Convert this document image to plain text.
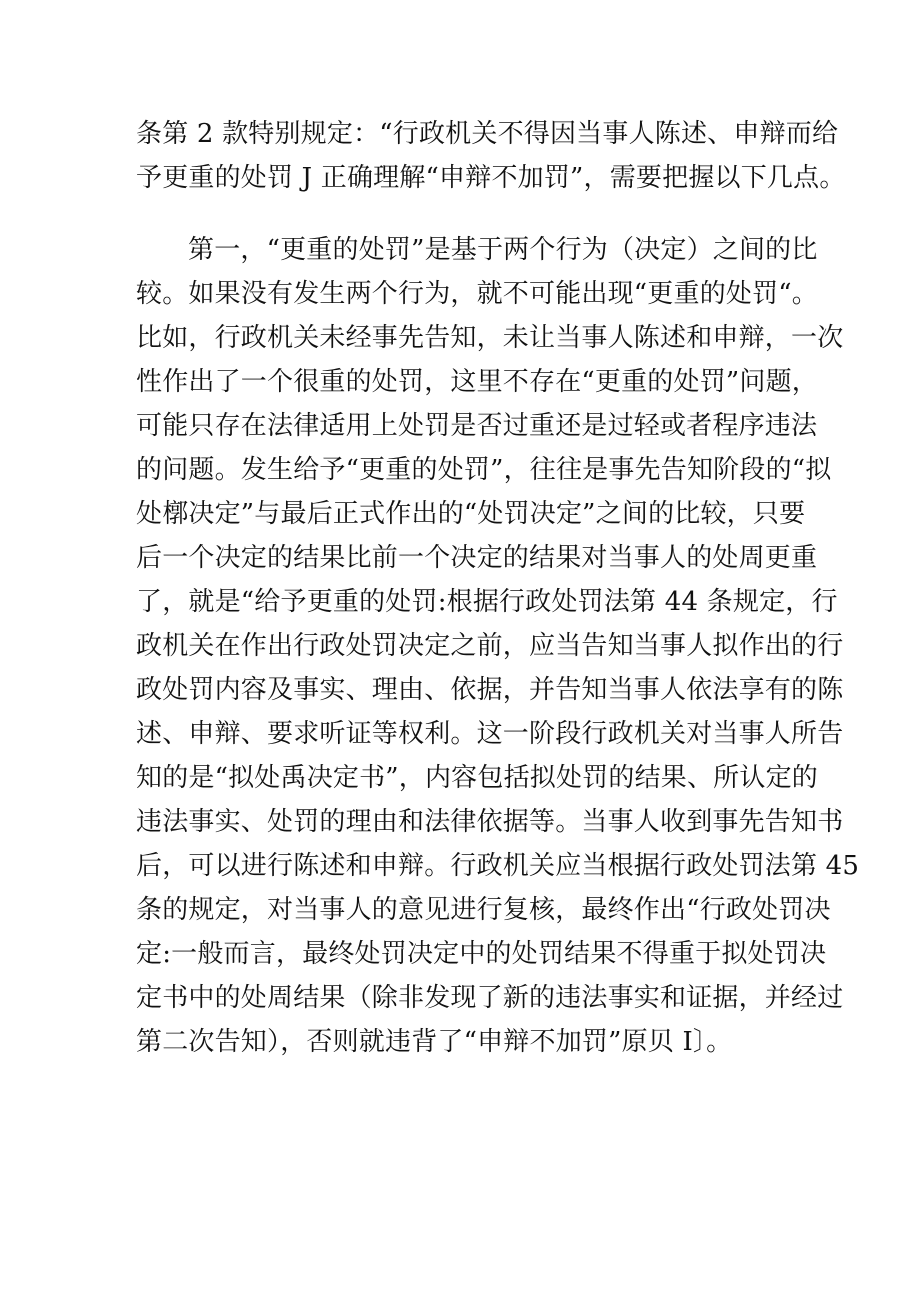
条第 2 款特别规定：“行政机关不得因当事人陈述、申辩而给
予更重的处罚 J 正确理解“申辩不加罚”，需要把握以下几点。
第一，“更重的处罚”是基于两个行为（决定）之间的比
较。如果没有发生两个行为，就不可能出现“更重的处罚“。
比如，行政机关未经事先告知，未让当事人陈述和申辩，一次
性作出了一个很重的处罚，这里不存在“更重的处罚”问题，
可能只存在法律适用上处罚是否过重还是过轻或者程序违法
的问题。发生给予“更重的处罚”，往往是事先告知阶段的“拟
处槨决定”与最后正式作出的“处罚决定”之间的比较，只要
后一个决定的结果比前一个决定的结果对当事人的处周更重
了，就是“给予更重的处罚:根据行政处罚法第 44 条规定，行
政机关在作出行政处罚决定之前，应当告知当事人拟作出的行
政处罚内容及事实、理由、依据，并告知当事人依法享有的陈
述、申辩、要求听证等权利。这一阶段行政机关对当事人所告
知的是“拟处禹决定书”，内容包括拟处罚的结果、所认定的
违法事实、处罚的理由和法律依据等。当事人收到事先告知书
后，可以进行陈述和申辩。行政机关应当根据行政处罚法第 45
条的规定，对当事人的意见进行复核，最终作出“行政处罚决
定:一般而言，最终处罚决定中的处罚结果不得重于拟处罚决
定书中的处周结果（除非发现了新的违法事实和证据，并经过
第二次告知），否则就违背了“申辩不加罚”原贝 I〕。
